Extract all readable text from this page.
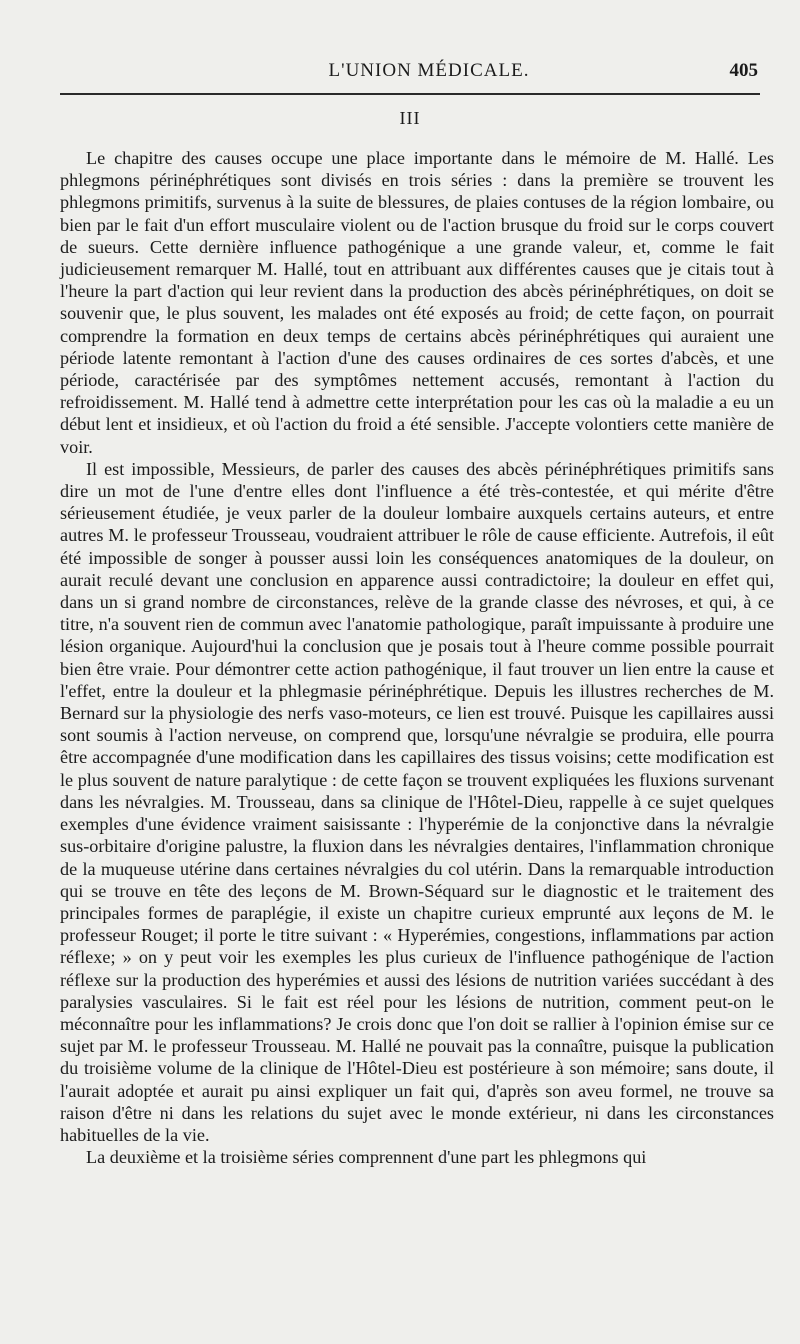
L'UNION MÉDICALE.	405
III

Le chapitre des causes occupe une place importante dans le mémoire de M. Hallé. Les phlegmons périnéphrétiques sont divisés en trois séries : dans la première se trouvent les phlegmons primitifs, survenus à la suite de blessures, de plaies contuses de la région lombaire, ou bien par le fait d'un effort musculaire violent ou de l'action brusque du froid sur le corps couvert de sueurs. Cette dernière influence pathogénique a une grande valeur, et, comme le fait judicieusement remarquer M. Hallé, tout en attribuant aux différentes causes que je citais tout à l'heure la part d'action qui leur revient dans la production des abcès périnéphrétiques, on doit se souvenir que, le plus souvent, les malades ont été exposés au froid; de cette façon, on pourrait comprendre la formation en deux temps de certains abcès périnéphrétiques qui auraient une période latente remontant à l'action d'une des causes ordinaires de ces sortes d'abcès, et une période, caractérisée par des symptômes nettement accusés, remontant à l'action du refroidissement. M. Hallé tend à admettre cette interprétation pour les cas où la maladie a eu un début lent et insidieux, et où l'action du froid a été sensible. J'accepte volontiers cette manière de voir.

Il est impossible, Messieurs, de parler des causes des abcès périnéphrétiques primitifs sans dire un mot de l'une d'entre elles dont l'influence a été très-contestée, et qui mérite d'être sérieusement étudiée, je veux parler de la douleur lombaire auxquels certains auteurs, et entre autres M. le professeur Trousseau, voudraient attribuer le rôle de cause efficiente. Autrefois, il eût été impossible de songer à pousser aussi loin les conséquences anatomiques de la douleur, on aurait reculé devant une conclusion en apparence aussi contradictoire; la douleur en effet qui, dans un si grand nombre de circonstances, relève de la grande classe des névroses, et qui, à ce titre, n'a souvent rien de commun avec l'anatomie pathologique, paraît impuissante à produire une lésion organique. Aujourd'hui la conclusion que je posais tout à l'heure comme possible pourrait bien être vraie. Pour démontrer cette action pathogénique, il faut trouver un lien entre la cause et l'effet, entre la douleur et la phlegmasie périnéphrétique. Depuis les illustres recherches de M. Bernard sur la physiologie des nerfs vaso-moteurs, ce lien est trouvé. Puisque les capillaires aussi sont soumis à l'action nerveuse, on comprend que, lorsqu'une névralgie se produira, elle pourra être accompagnée d'une modification dans les capillaires des tissus voisins; cette modification est le plus souvent de nature paralytique : de cette façon se trouvent expliquées les fluxions survenant dans les névralgies. M. Trousseau, dans sa clinique de l'Hôtel-Dieu, rappelle à ce sujet quelques exemples d'une évidence vraiment saisissante : l'hyperémie de la conjonctive dans la névralgie sus-orbitaire d'origine palustre, la fluxion dans les névralgies dentaires, l'inflammation chronique de la muqueuse utérine dans certaines névralgies du col utérin. Dans la remarquable introduction qui se trouve en tête des leçons de M. Brown-Séquard sur le diagnostic et le traitement des principales formes de paraplégie, il existe un chapitre curieux emprunté aux leçons de M. le professeur Rouget; il porte le titre suivant : « Hyperémies, congestions, inflammations par action réflexe; » on y peut voir les exemples les plus curieux de l'influence pathogénique de l'action réflexe sur la production des hyperémies et aussi des lésions de nutrition variées succédant à des paralysies vasculaires. Si le fait est réel pour les lésions de nutrition, comment peut-on le méconnaître pour les inflammations? Je crois donc que l'on doit se rallier à l'opinion émise sur ce sujet par M. le professeur Trousseau. M. Hallé ne pouvait pas la connaître, puisque la publication du troisième volume de la clinique de l'Hôtel-Dieu est postérieure à son mémoire; sans doute, il l'aurait adoptée et aurait pu ainsi expliquer un fait qui, d'après son aveu formel, ne trouve sa raison d'être ni dans les relations du sujet avec le monde extérieur, ni dans les circonstances habituelles de la vie.

La deuxième et la troisième séries comprennent d'une part les phlegmons qui
